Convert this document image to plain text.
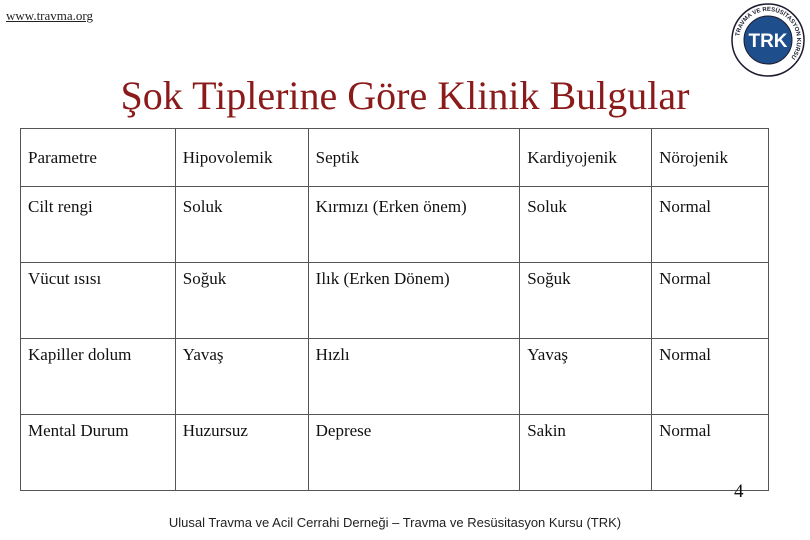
www.travma.org
TRAVMA VE RESÜSİTASYON KURSU
TRK
Şok Tiplerine Göre Klinik Bulgular
Parametre	Hipovolemik	Septik	Kardiyojenik	Nörojenik
Cilt rengi	Soluk	Kırmızı (Erken önem)	Soluk	Normal
Vücut ısısı	Soğuk	Ilık (Erken Dönem)	Soğuk	Normal
Kapiller dolum	Yavaş	Hızlı	Yavaş	Normal
Mental Durum	Huzursuz	Deprese	Sakin	Normal
4
Ulusal Travma ve Acil Cerrahi Derneği – Travma ve Resüsitasyon Kursu (TRK)
